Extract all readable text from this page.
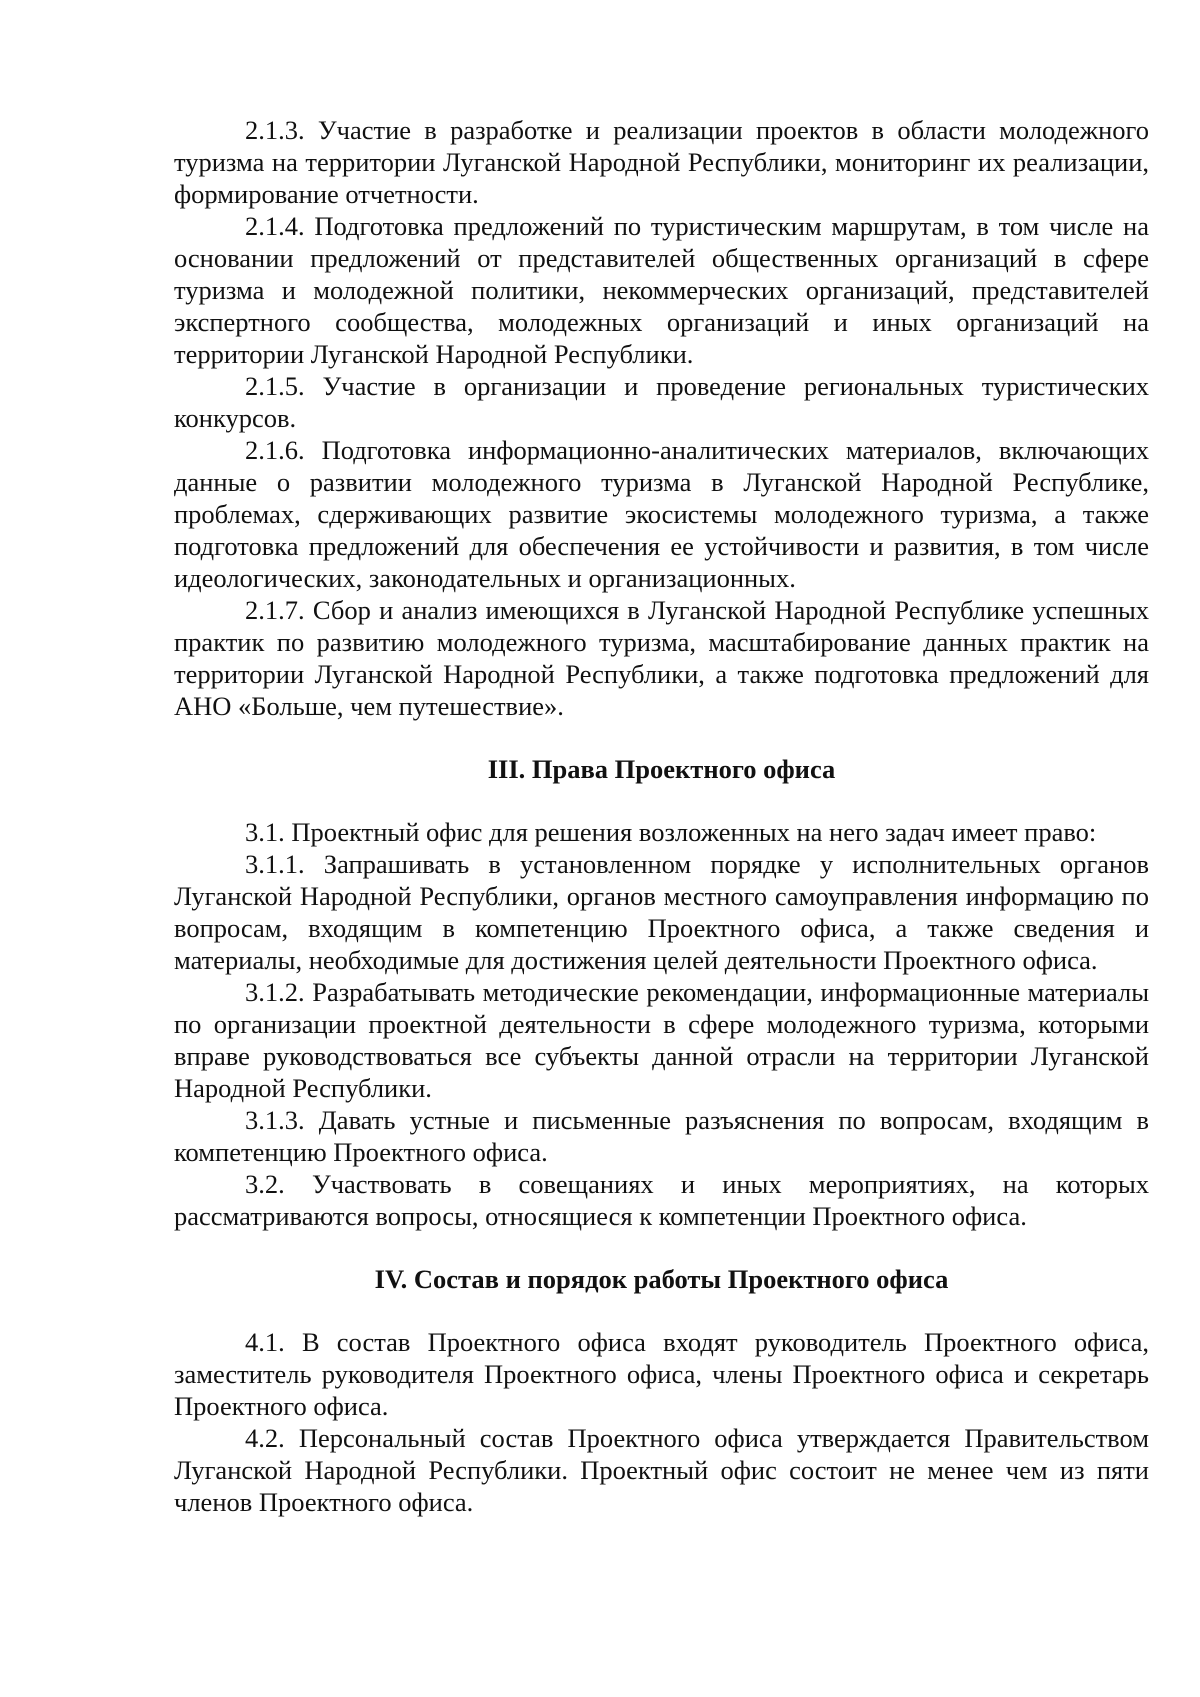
2.1.3. Участие в разработке и реализации проектов в области молодежного туризма на территории Луганской Народной Республики, мониторинг их реализации, формирование отчетности.

2.1.4. Подготовка предложений по туристическим маршрутам, в том числе на основании предложений от представителей общественных организаций в сфере туризма и молодежной политики, некоммерческих организаций, представителей экспертного сообщества, молодежных организаций и иных организаций на территории Луганской Народной Республики.

2.1.5. Участие в организации и проведение региональных туристических конкурсов.

2.1.6. Подготовка информационно-аналитических материалов, включающих данные о развитии молодежного туризма в Луганской Народной Республике, проблемах, сдерживающих развитие экосистемы молодежного туризма, а также подготовка предложений для обеспечения ее устойчивости и развития, в том числе идеологических, законодательных и организационных.

2.1.7. Сбор и анализ имеющихся в Луганской Народной Республике успешных практик по развитию молодежного туризма, масштабирование данных практик на территории Луганской Народной Республики, а также подготовка предложений для АНО «Больше, чем путешествие».

III. Права Проектного офиса

3.1. Проектный офис для решения возложенных на него задач имеет право:

3.1.1. Запрашивать в установленном порядке у исполнительных органов Луганской Народной Республики, органов местного самоуправления информацию по вопросам, входящим в компетенцию Проектного офиса, а также сведения и материалы, необходимые для достижения целей деятельности Проектного офиса.

3.1.2. Разрабатывать методические рекомендации, информационные материалы по организации проектной деятельности в сфере молодежного туризма, которыми вправе руководствоваться все субъекты данной отрасли на территории Луганской Народной Республики.

3.1.3. Давать устные и письменные разъяснения по вопросам, входящим в компетенцию Проектного офиса.

3.2. Участвовать в совещаниях и иных мероприятиях, на которых рассматриваются вопросы, относящиеся к компетенции Проектного офиса.

IV. Состав и порядок работы Проектного офиса

4.1. В состав Проектного офиса входят руководитель Проектного офиса, заместитель руководителя Проектного офиса, члены Проектного офиса и секретарь Проектного офиса.

4.2. Персональный состав Проектного офиса утверждается Правительством Луганской Народной Республики. Проектный офис состоит не менее чем из пяти членов Проектного офиса.
